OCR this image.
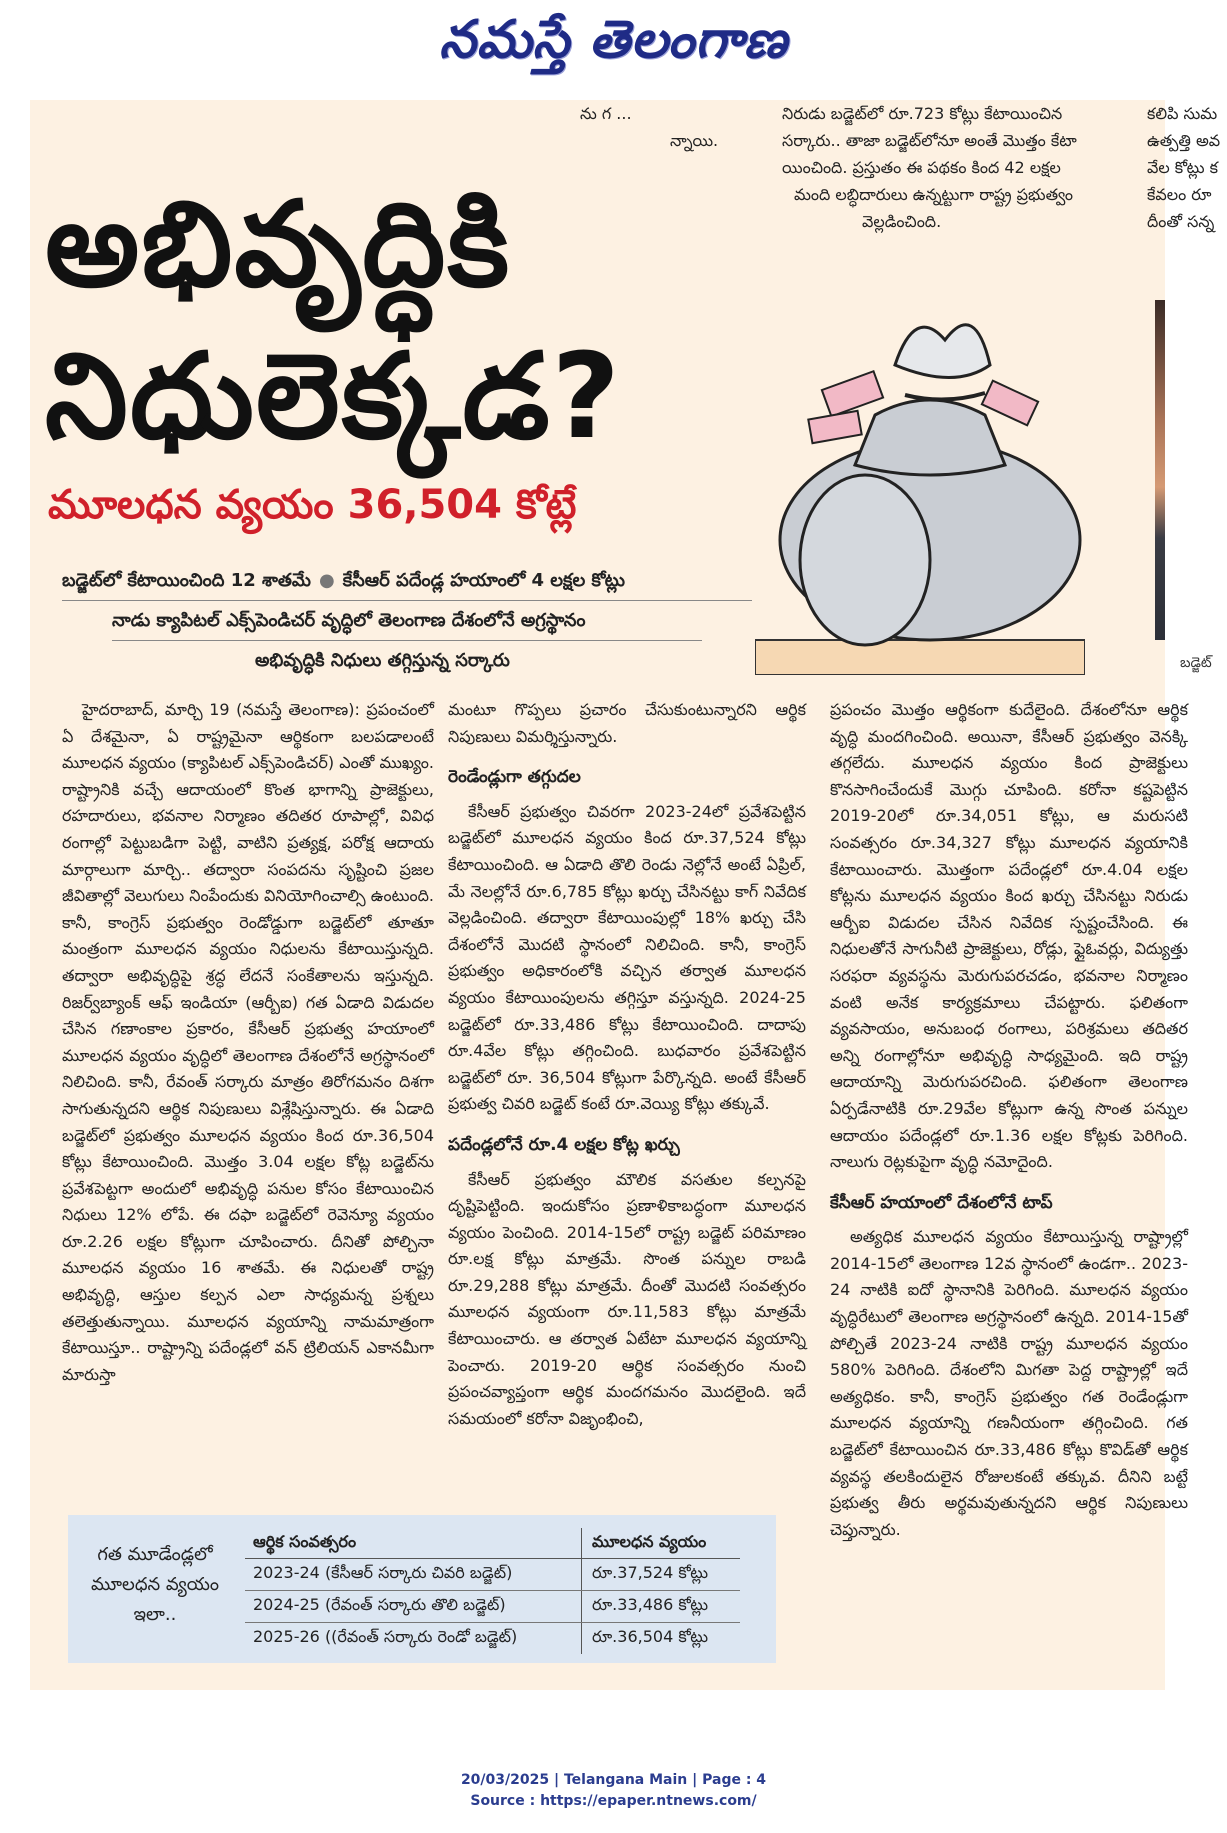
నమస్తే తెలంగాణ
బడ్జెట్
ను గ ...
న్నాయి.
నిరుడు బడ్జెట్‌లో రూ.723 కోట్లు కేటాయించిన
సర్కారు.. తాజా బడ్జెట్‌లోనూ అంతే మొత్తం కేటా
యించింది. ప్రస్తుతం ఈ పథకం కింద 42 లక్షల
మంది లబ్ధిదారులు ఉన్నట్టుగా రాష్ట్ర ప్రభుత్వం
వెల్లడించింది.
కలిపి సుమ
ఉత్పత్తి అవ
వేల కోట్లు క
కేవలం రూ
దీంతో సన్న
అభివృద్ధికి
నిధులెక్కడ?
మూలధన వ్యయం 36,504 కోట్లే
బడ్జెట్‌లో కేటాయించింది 12 శాతమే ● కేసీఆర్ పదేండ్ల హయాంలో 4 లక్షల కోట్లు
నాడు క్యాపిటల్ ఎక్స్‌పెండిచర్ వృద్ధిలో తెలంగాణ దేశంలోనే అగ్రస్థానం
అభివృద్ధికి నిధులు తగ్గిస్తున్న సర్కారు

హైదరాబాద్, మార్చి 19 (నమస్తే తెలంగాణ): ప్రపంచంలో ఏ దేశమైనా, ఏ రాష్ట్రమైనా ఆర్థికంగా బలపడాలంటే మూలధన వ్యయం (క్యాపిటల్ ఎక్స్‌పెండిచర్) ఎంతో ముఖ్యం. రాష్ట్రానికి వచ్చే ఆదాయంలో కొంత భాగాన్ని ప్రాజెక్టులు, రహదారులు, భవనాల నిర్మాణం తదితర రూపాల్లో, వివిధ రంగాల్లో పెట్టుబడిగా పెట్టి, వాటిని ప్రత్యక్ష, పరోక్ష ఆదాయ మార్గాలుగా మార్చి.. తద్వారా సంపదను సృష్టించి ప్రజల జీవితాల్లో వెలుగులు నింపేందుకు వినియోగించాల్సి ఉంటుంది. కానీ, కాంగ్రెస్ ప్రభుత్వం రెండోడ్డుగా బడ్జెట్‌లో తూతూ మంత్రంగా మూలధన వ్యయం నిధులను కేటాయిస్తున్నది. తద్వారా అభివృద్ధిపై శ్రద్ధ లేదనే సంకేతాలను ఇస్తున్నది. రిజర్వ్‌బ్యాంక్ ఆఫ్ ఇండియా (ఆర్బీఐ) గత ఏడాది విడుదల చేసిన గణాంకాల ప్రకారం, కేసీఆర్ ప్రభుత్వ హయాంలో మూలధన వ్యయం వృద్ధిలో తెలంగాణ దేశంలోనే అగ్రస్థానంలో నిలిచింది. కానీ, రేవంత్ సర్కారు మాత్రం తిరోగమనం దిశగా సాగుతున్నదని ఆర్థిక నిపుణులు విశ్లేషిస్తున్నారు. ఈ ఏడాది బడ్జెట్‌లో ప్రభుత్వం మూలధన వ్యయం కింద రూ.36,504 కోట్లు కేటాయించింది. మొత్తం 3.04 లక్షల కోట్ల బడ్జెట్‌ను ప్రవేశపెట్టగా అందులో అభివృద్ధి పనుల కోసం కేటాయించిన నిధులు 12% లోపే. ఈ దఫా బడ్జెట్‌లో రెవెన్యూ వ్యయం రూ.2.26 లక్షల కోట్లుగా చూపించారు. దీనితో పోల్చినా మూలధన వ్యయం 16 శాతమే. ఈ నిధులతో రాష్ట్ర అభివృద్ధి, ఆస్తుల కల్పన ఎలా సాధ్యమన్న ప్రశ్నలు తలెత్తుతున్నాయి. మూలధన వ్యయాన్ని నామమాత్రంగా కేటాయిస్తూ.. రాష్ట్రాన్ని పదేండ్లలో వన్ ట్రిలియన్ ఎకానమీగా మారుస్తా

మంటూ గొప్పలు ప్రచారం చేసుకుంటున్నారని ఆర్థిక నిపుణులు విమర్శిస్తున్నారు.

రెండేండ్లుగా తగ్గుదల

కేసీఆర్ ప్రభుత్వం చివరగా 2023-24లో ప్రవేశపెట్టిన బడ్జెట్‌లో మూలధన వ్యయం కింద రూ.37,524 కోట్లు కేటాయించింది. ఆ ఏడాది తొలి రెండు నెల్లోనే అంటే ఏప్రిల్, మే నెలల్లోనే రూ.6,785 కోట్లు ఖర్చు చేసినట్టు కాగ్ నివేదిక వెల్లడించింది. తద్వారా కేటాయింపుల్లో 18% ఖర్చు చేసి దేశంలోనే మొదటి స్థానంలో నిలిచింది. కానీ, కాంగ్రెస్ ప్రభుత్వం అధికారంలోకి వచ్చిన తర్వాత మూలధన వ్యయం కేటాయింపులను తగ్గిస్తూ వస్తున్నది. 2024-25 బడ్జెట్‌లో రూ.33,486 కోట్లు కేటాయించింది. దాదాపు రూ.4వేల కోట్లు తగ్గించింది. బుధవారం ప్రవేశపెట్టిన బడ్జెట్‌లో రూ. 36,504 కోట్లుగా పేర్కొన్నది. అంటే కేసీఆర్ ప్రభుత్వ చివరి బడ్జెట్ కంటే రూ.వెయ్యి కోట్లు తక్కువే.

పదేండ్లలోనే రూ.4 లక్షల కోట్ల ఖర్చు

కేసీఆర్ ప్రభుత్వం మౌలిక వసతుల కల్పనపై దృష్టిపెట్టింది. ఇందుకోసం ప్రణాళికాబద్ధంగా మూలధన వ్యయం పెంచింది. 2014-15లో రాష్ట్ర బడ్జెట్ పరిమాణం రూ.లక్ష కోట్లు మాత్రమే. సొంత పన్నుల రాబడి రూ.29,288 కోట్లు మాత్రమే. దీంతో మొదటి సంవత్సరం మూలధన వ్యయంగా రూ.11,583 కోట్లు మాత్రమే కేటాయించారు. ఆ తర్వాత ఏటేటా మూలధన వ్యయాన్ని పెంచారు. 2019-20 ఆర్థిక సంవత్సరం నుంచి ప్రపంచవ్యాప్తంగా ఆర్థిక మందగమనం మొదలైంది. ఇదే సమయంలో కరోనా విజృంభించి,

ప్రపంచం మొత్తం ఆర్థికంగా కుదేలైంది. దేశంలోనూ ఆర్థిక వృద్ధి మందగించింది. అయినా, కేసీఆర్ ప్రభుత్వం వెనక్కి తగ్గలేదు. మూలధన వ్యయం కింద ప్రాజెక్టులు కొనసాగించేందుకే మొగ్గు చూపింది. కరోనా కష్టపెట్టిన 2019-20లో రూ.34,051 కోట్లు, ఆ మరుసటి సంవత్సరం రూ.34,327 కోట్లు మూలధన వ్యయానికి కేటాయించారు. మొత్తంగా పదేండ్లలో రూ.4.04 లక్షల కోట్లను మూలధన వ్యయం కింద ఖర్చు చేసినట్టు నిరుడు ఆర్బీఐ విడుదల చేసిన నివేదిక స్పష్టంచేసింది. ఈ నిధులతోనే సాగునీటి ప్రాజెక్టులు, రోడ్లు, ఫ్లైఓవర్లు, విద్యుత్తు సరఫరా వ్యవస్థను మెరుగుపరచడం, భవనాల నిర్మాణం వంటి అనేక కార్యక్రమాలు చేపట్టారు. ఫలితంగా వ్యవసాయం, అనుబంధ రంగాలు, పరిశ్రమలు తదితర అన్ని రంగాల్లోనూ అభివృద్ధి సాధ్యమైంది. ఇది రాష్ట్ర ఆదాయాన్ని మెరుగుపరచింది. ఫలితంగా తెలంగాణ ఏర్పడేనాటికి రూ.29వేల కోట్లుగా ఉన్న సొంత పన్నుల ఆదాయం పదేండ్లలో రూ.1.36 లక్షల కోట్లకు పెరిగింది. నాలుగు రెట్లకుపైగా వృద్ధి నమోదైంది.

కేసీఆర్ హయాంలో దేశంలోనే టాప్

అత్యధిక మూలధన వ్యయం కేటాయిస్తున్న రాష్ట్రాల్లో 2014-15లో తెలంగాణ 12వ స్థానంలో ఉండగా.. 2023-24 నాటికి ఐదో స్థానానికి పెరిగింది. మూలధన వ్యయం వృద్ధిరేటులో తెలంగాణ అగ్రస్థానంలో ఉన్నది. 2014-15తో పోల్చితే 2023-24 నాటికి రాష్ట్ర మూలధన వ్యయం 580% పెరిగింది. దేశంలోని మిగతా పెద్ద రాష్ట్రాల్లో ఇదే అత్యధికం. కానీ, కాంగ్రెస్ ప్రభుత్వం గత రెండేండ్లుగా మూలధన వ్యయాన్ని గణనీయంగా తగ్గించింది. గత బడ్జెట్‌లో కేటాయించిన రూ.33,486 కోట్లు కొవిడ్‌తో ఆర్థిక వ్యవస్థ తలకిందులైన రోజులకంటే తక్కువ. దీనిని బట్టే ప్రభుత్వ తీరు అర్థమవుతున్నదని ఆర్థిక నిపుణులు చెప్తున్నారు.

గత మూడేండ్లలో మూలధన వ్యయం ఇలా..
ఆర్థిక సంవత్సరం	మూలధన వ్యయం
2023-24 (కేసీఆర్ సర్కారు చివరి బడ్జెట్)	రూ.37,524 కోట్లు
2024-25 (రేవంత్ సర్కారు తొలి బడ్జెట్)	రూ.33,486 కోట్లు
2025-26 ((రేవంత్ సర్కారు రెండో బడ్జెట్)	రూ.36,504 కోట్లు
20/03/2025 | Telangana Main | Page : 4
Source : https://epaper.ntnews.com/
